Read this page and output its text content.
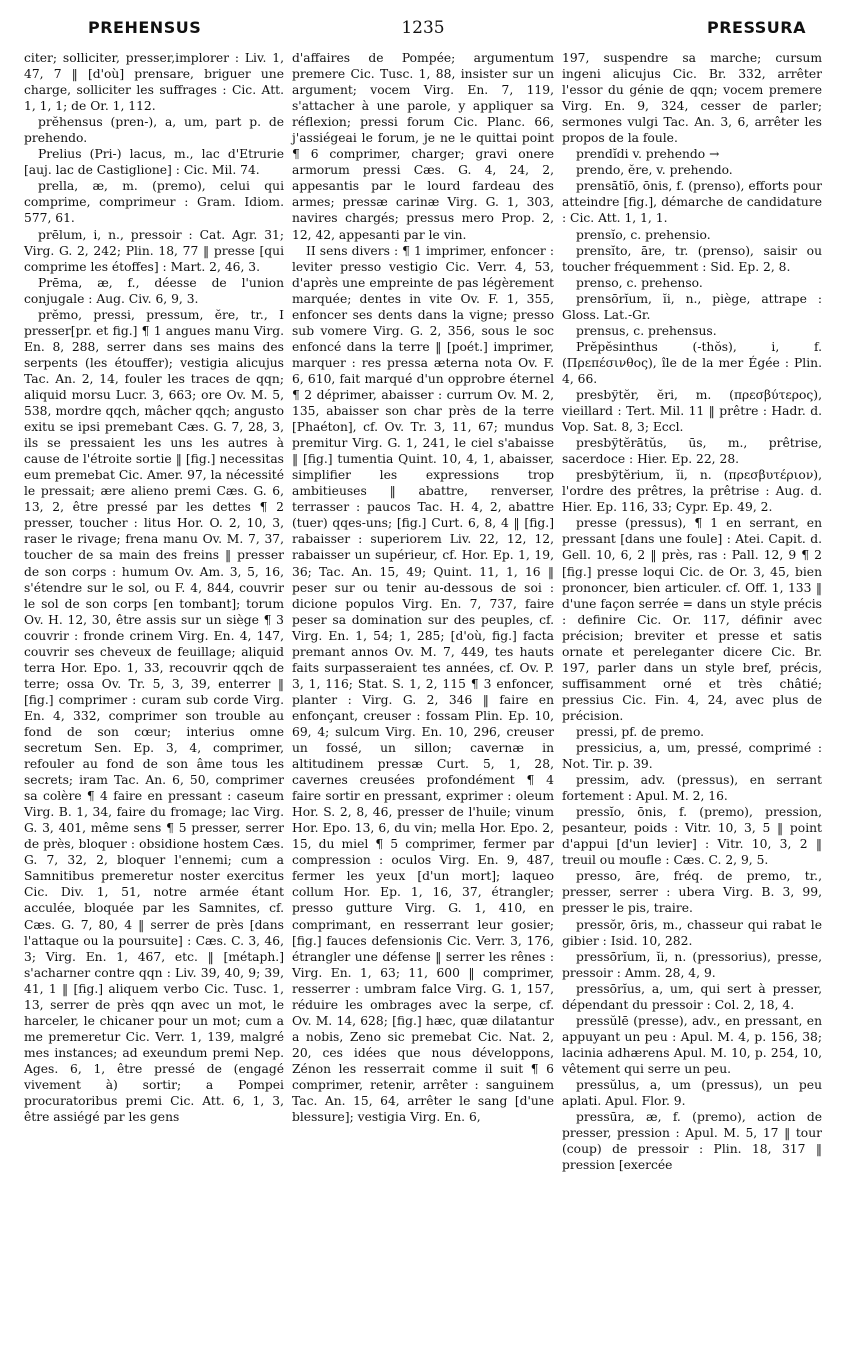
PREHENSUS	1235	PRESSURA

citer; solliciter, presser,implorer : Liv. 1, 47, 7 ‖ [d'où] prensare, briguer une charge, solliciter les suffrages : Cic. Att. 1, 1, 1; de Or. 1, 112.

prĕhensus (pren-), a, um, part p. de prehendo.

Prelius (Pri-) lacus, m., lac d'Etrurie [auj. lac de Castiglione] : Cic. Mil. 74.

prella, æ, m. (premo), celui qui comprime, comprimeur : Gram. Idiom. 577, 61.

prēlum, i, n., pressoir : Cat. Agr. 31; Virg. G. 2, 242; Plin. 18, 77 ‖ presse [qui comprime les étoffes] : Mart. 2, 46, 3.

Prēma, æ, f., déesse de l'union conjugale : Aug. Civ. 6, 9, 3.

prĕmo, pressi, pressum, ĕre, tr., I presser[pr. et fig.] ¶ 1 angues manu Virg. En. 8, 288, serrer dans ses mains des serpents (les étouffer); vestigia alicujus Tac. An. 2, 14, fouler les traces de qqn; aliquid morsu Lucr. 3, 663; ore Ov. M. 5, 538, mordre qqch, mâcher qqch; angusto exitu se ipsi premebant Cæs. G. 7, 28, 3, ils se pressaient les uns les autres à cause de l'étroite sortie ‖ [fig.] necessitas eum premebat Cic. Amer. 97, la nécessité le pressait; ære alieno premi Cæs. G. 6, 13, 2, être pressé par les dettes ¶ 2 presser, toucher : litus Hor. O. 2, 10, 3, raser le rivage; frena manu Ov. M. 7, 37, toucher de sa main des freins ‖ presser de son corps : humum Ov. Am. 3, 5, 16, s'étendre sur le sol, ou F. 4, 844, couvrir le sol de son corps [en tombant]; torum Ov. H. 12, 30, être assis sur un siège ¶ 3 couvrir : fronde crinem Virg. En. 4, 147, couvrir ses cheveux de feuillage; aliquid terra Hor. Epo. 1, 33, recouvrir qqch de terre; ossa Ov. Tr. 5, 3, 39, enterrer ‖ [fig.] comprimer : curam sub corde Virg. En. 4, 332, comprimer son trouble au fond de son cœur; interius omne secretum Sen. Ep. 3, 4, comprimer, refouler au fond de son âme tous les secrets; iram Tac. An. 6, 50, comprimer sa colère ¶ 4 faire en pressant : caseum Virg. B. 1, 34, faire du fromage; lac Virg. G. 3, 401, même sens ¶ 5 presser, serrer de près, bloquer : obsidione hostem Cæs. G. 7, 32, 2, bloquer l'ennemi; cum a Samnitibus premeretur noster exercitus Cic. Div. 1, 51, notre armée étant acculée, bloquée par les Samnites, cf. Cæs. G. 7, 80, 4 ‖ serrer de près [dans l'attaque ou la poursuite] : Cæs. C. 3, 46, 3; Virg. En. 1, 467, etc. ‖ [métaph.] s'acharner contre qqn : Liv. 39, 40, 9; 39, 41, 1 ‖ [fig.] aliquem verbo Cic. Tusc. 1, 13, serrer de près qqn avec un mot, le harceler, le chicaner pour un mot; cum a me premeretur Cic. Verr. 1, 139, malgré mes instances; ad exeundum premi Nep. Ages. 6, 1, être pressé de (engagé vivement à) sortir; a Pompei procuratoribus premi Cic. Att. 6, 1, 3, être assiégé par les gens

d'affaires de Pompée; argumentum premere Cic. Tusc. 1, 88, insister sur un argument; vocem Virg. En. 7, 119, s'attacher à une parole, y appliquer sa réflexion; pressi forum Cic. Planc. 66, j'assiégeai le forum, je ne le quittai point ¶ 6 comprimer, charger; gravi onere armorum pressi Cæs. G. 4, 24, 2, appesantis par le lourd fardeau des armes; pressæ carinæ Virg. G. 1, 303, navires chargés; pressus mero Prop. 2, 12, 42, appesanti par le vin.

II sens divers : ¶ 1 imprimer, enfoncer : leviter presso vestigio Cic. Verr. 4, 53, d'après une empreinte de pas légèrement marquée; dentes in vite Ov. F. 1, 355, enfoncer ses dents dans la vigne; presso sub vomere Virg. G. 2, 356, sous le soc enfoncé dans la terre ‖ [poét.] imprimer, marquer : res pressa æterna nota Ov. F. 6, 610, fait marqué d'un opprobre éternel ¶ 2 déprimer, abaisser : currum Ov. M. 2, 135, abaisser son char près de la terre [Phaéton], cf. Ov. Tr. 3, 11, 67; mundus premitur Virg. G. 1, 241, le ciel s'abaisse ‖ [fig.] tumentia Quint. 10, 4, 1, abaisser, simplifier les expressions trop ambitieuses ‖ abattre, renverser, terrasser : paucos Tac. H. 4, 2, abattre (tuer) qqes-uns; [fig.] Curt. 6, 8, 4 ‖ [fig.] rabaisser : superiorem Liv. 22, 12, 12, rabaisser un supérieur, cf. Hor. Ep. 1, 19, 36; Tac. An. 15, 49; Quint. 11, 1, 16 ‖ peser sur ou tenir au-dessous de soi : dicione populos Virg. En. 7, 737, faire peser sa domination sur des peuples, cf. Virg. En. 1, 54; 1, 285; [d'où, fig.] facta premant annos Ov. M. 7, 449, tes hauts faits surpasseraient tes années, cf. Ov. P. 3, 1, 116; Stat. S. 1, 2, 115 ¶ 3 enfoncer, planter : Virg. G. 2, 346 ‖ faire en enfonçant, creuser : fossam Plin. Ep. 10, 69, 4; sulcum Virg. En. 10, 296, creuser un fossé, un sillon; cavernæ in altitudinem pressæ Curt. 5, 1, 28, cavernes creusées profondément ¶ 4 faire sortir en pressant, exprimer : oleum Hor. S. 2, 8, 46, presser de l'huile; vinum Hor. Epo. 13, 6, du vin; mella Hor. Epo. 2, 15, du miel ¶ 5 comprimer, fermer par compression : oculos Virg. En. 9, 487, fermer les yeux [d'un mort]; laqueo collum Hor. Ep. 1, 16, 37, étrangler; presso gutture Virg. G. 1, 410, en comprimant, en resserrant leur gosier; [fig.] fauces defensionis Cic. Verr. 3, 176, étrangler une défense ‖ serrer les rênes : Virg. En. 1, 63; 11, 600 ‖ comprimer, resserrer : umbram falce Virg. G. 1, 157, réduire les ombrages avec la serpe, cf. Ov. M. 14, 628; [fig.] hæc, quæ dilatantur a nobis, Zeno sic premebat Cic. Nat. 2, 20, ces idées que nous développons, Zénon les resserrait comme il suit ¶ 6 comprimer, retenir, arrêter : sanguinem Tac. An. 15, 64, arrêter le sang [d'une blessure]; vestigia Virg. En. 6,

197, suspendre sa marche; cursum ingeni alicujus Cic. Br. 332, arrêter l'essor du génie de qqn; vocem premere Virg. En. 9, 324, cesser de parler; sermones vulgi Tac. An. 3, 6, arrêter les propos de la foule.

prendĭdi v. prehendo →

prendo, ĕre, v. prehendo.

prensātĭō, ōnis, f. (prenso), efforts pour atteindre [fig.], démarche de candidature : Cic. Att. 1, 1, 1.

prensĭo, c. prehensio.

prensĭto, āre, tr. (prenso), saisir ou toucher fréquemment : Sid. Ep. 2, 8.

prenso, c. prehenso.

prensōrĭum, ĭi, n., piège, attrape : Gloss. Lat.-Gr.

prensus, c. prehensus.

Prĕpĕsinthus (-thŏs), i, f. (Πρεπέσινθος), île de la mer Égée : Plin. 4, 66.

presbўtĕr, ĕri, m. (πρεσβύτερος), vieillard : Tert. Mil. 11 ‖ prêtre : Hadr. d. Vop. Sat. 8, 3; Eccl.

presbўtĕrātŭs, ūs, m., prêtrise, sacerdoce : Hier. Ep. 22, 28.

presbўtĕrium, ĭi, n. (πρεσβυτέριον), l'ordre des prêtres, la prêtrise : Aug. d. Hier. Ep. 116, 33; Cypr. Ep. 49, 2.

presse (pressus), ¶ 1 en serrant, en pressant [dans une foule] : Atei. Capit. d. Gell. 10, 6, 2 ‖ près, ras : Pall. 12, 9 ¶ 2 [fig.] presse loqui Cic. de Or. 3, 45, bien prononcer, bien articuler. cf. Off. 1, 133 ‖ d'une façon serrée = dans un style précis : definire Cic. Or. 117, définir avec précision; breviter et presse et satis ornate et pereleganter dicere Cic. Br. 197, parler dans un style bref, précis, suffisamment orné et très châtié; pressius Cic. Fin. 4, 24, avec plus de précision.

pressi, pf. de premo.

pressicius, a, um, pressé, comprimé : Not. Tir. p. 39.

pressim, adv. (pressus), en serrant fortement : Apul. M. 2, 16.

pressĭo, ōnis, f. (premo), pression, pesanteur, poids : Vitr. 10, 3, 5 ‖ point d'appui [d'un levier] : Vitr. 10, 3, 2 ‖ treuil ou moufle : Cæs. C. 2, 9, 5.

presso, āre, fréq. de premo, tr., presser, serrer : ubera Virg. B. 3, 99, presser le pis, traire.

pressŏr, ōris, m., chasseur qui rabat le gibier : Isid. 10, 282.

pressōrĭum, ĭi, n. (pressorius), presse, pressoir : Amm. 28, 4, 9.

pressōrĭus, a, um, qui sert à presser, dépendant du pressoir : Col. 2, 18, 4.

pressŭlē (presse), adv., en pressant, en appuyant un peu : Apul. M. 4, p. 156, 38; lacinia adhærens Apul. M. 10, p. 254, 10, vêtement qui serre un peu.

pressŭlus, a, um (pressus), un peu aplati. Apul. Flor. 9.

pressūra, æ, f. (premo), action de presser, pression : Apul. M. 5, 17 ‖ tour (coup) de pressoir : Plin. 18, 317 ‖ pression [exercée
